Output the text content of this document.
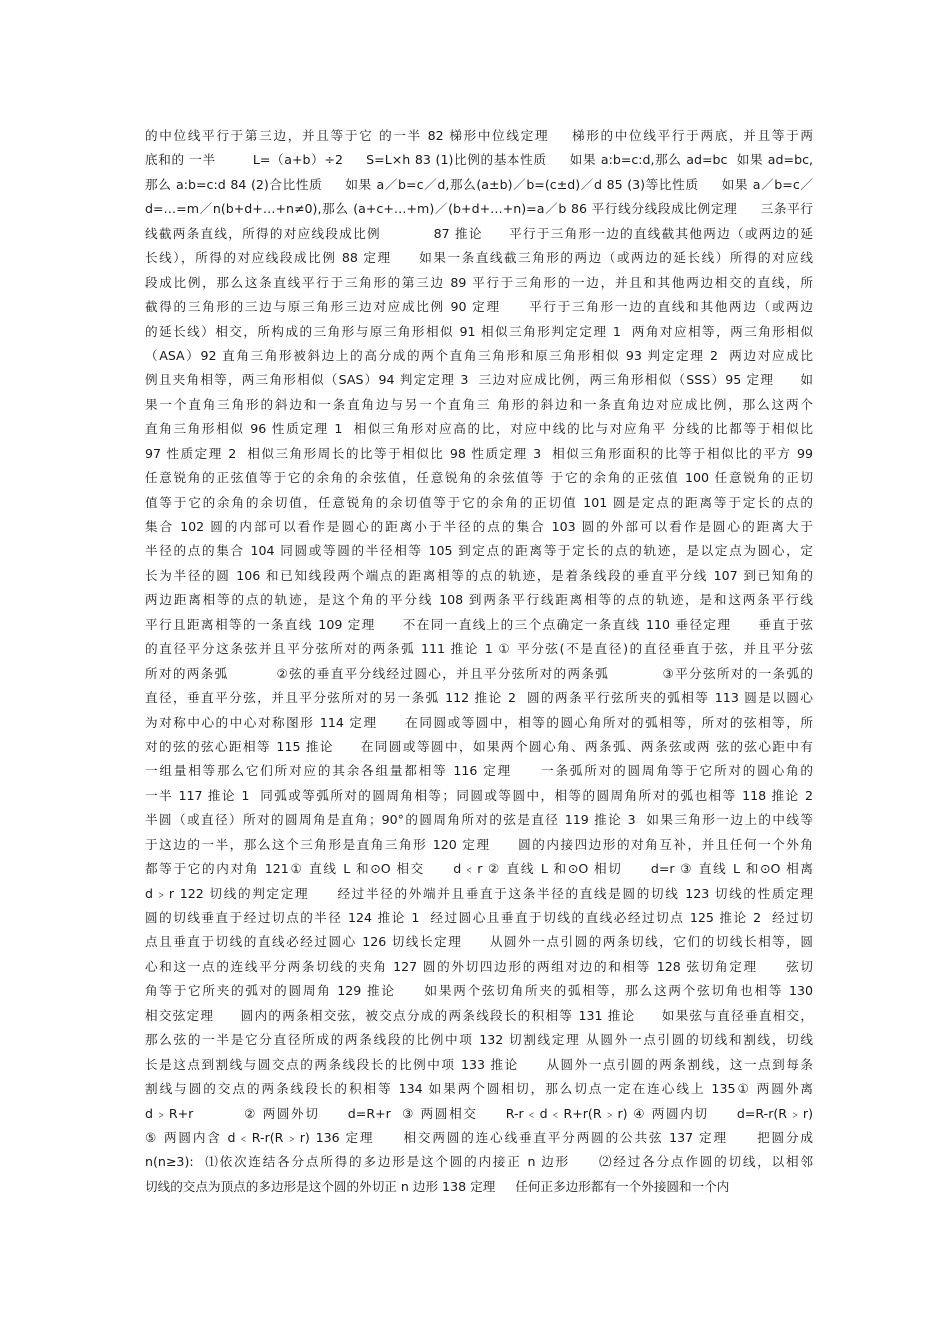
的中位线平行于第三边，并且等于它 的一半 82 梯形中位线定理    梯形的中位线平行于两底，并且等于两
底和的 一半        L=（a+b）÷2     S=L×h 83 (1)比例的基本性质     如果 a:b=c:d,那么 ad=bc  如果 ad=bc,
那么 a:b=c:d 84 (2)合比性质     如果 a／b=c／d,那么(a±b)／b=(c±d)／d 85 (3)等比性质     如果 a／b=c／
d=…=m／n(b+d+…+n≠0),那么 (a+c+…+m)／(b+d+…+n)=a／b 86 平行线分线段成比例定理     三条平行
线截两条直线，所得的对应线段成比例          87 推论     平行于三角形一边的直线截其他两边（或两边的延
长线），所得的对应线段成比例 88 定理     如果一条直线截三角形的两边（或两边的延长线）所得的对应线
段成比例，那么这条直线平行于三角形的第三边 89 平行于三角形的一边，并且和其他两边相交的直线，所
截得的三角形的三边与原三角形三边对应成比例 90 定理     平行于三角形一边的直线和其他两边（或两边
的延长线）相交，所构成的三角形与原三角形相似 91 相似三角形判定定理 1  两角对应相等，两三角形相似
（ASA）92 直角三角形被斜边上的高分成的两个直角三角形和原三角形相似 93 判定定理 2  两边对应成比
例且夹角相等，两三角形相似（SAS）94 判定定理 3  三边对应成比例，两三角形相似（SSS）95 定理     如
果一个直角三角形的斜边和一条直角边与另一个直角三 角形的斜边和一条直角边对应成比例，那么这两个
直角三角形相似 96 性质定理 1  相似三角形对应高的比，对应中线的比与对应角平 分线的比都等于相似比
97 性质定理 2  相似三角形周长的比等于相似比 98 性质定理 3  相似三角形面积的比等于相似比的平方 99
任意锐角的正弦值等于它的余角的余弦值，任意锐角的余弦值等 于它的余角的正弦值 100 任意锐角的正切
值等于它的余角的余切值，任意锐角的余切值等于它的余角的正切值 101 圆是定点的距离等于定长的点的
集合 102 圆的内部可以看作是圆心的距离小于半径的点的集合 103 圆的外部可以看作是圆心的距离大于
半径的点的集合 104 同圆或等圆的半径相等 105 到定点的距离等于定长的点的轨迹，是以定点为圆心，定
长为半径的圆 106 和已知线段两个端点的距离相等的点的轨迹，是着条线段的垂直平分线 107 到已知角的
两边距离相等的点的轨迹，是这个角的平分线 108 到两条平行线距离相等的点的轨迹，是和这两条平行线
平行且距离相等的一条直线 109 定理     不在同一直线上的三个点确定一条直线 110 垂径定理     垂直于弦
的直径平分这条弦并且平分弦所对的两条弧 111 推论 1 ① 平分弦(不是直径)的直径垂直于弦，并且平分弦
所对的两条弧         ②弦的垂直平分线经过圆心，并且平分弦所对的两条弧          ③平分弦所对的一条弧的
直径，垂直平分弦，并且平分弦所对的另一条弧 112 推论 2  圆的两条平行弦所夹的弧相等 113 圆是以圆心
为对称中心的中心对称图形 114 定理     在同圆或等圆中，相等的圆心角所对的弧相等，所对的弦相等，所
对的弦的弦心距相等 115 推论     在同圆或等圆中，如果两个圆心角、两条弧、两条弦或两 弦的弦心距中有
一组量相等那么它们所对应的其余各组量都相等 116 定理     一条弧所对的圆周角等于它所对的圆心角的
一半 117 推论 1  同弧或等弧所对的圆周角相等；同圆或等圆中，相等的圆周角所对的弧也相等 118 推论 2
半圆（或直径）所对的圆周角是直角；90°的圆周角所对的弦是直径 119 推论 3  如果三角形一边上的中线等
于这边的一半，那么这个三角形是直角三角形 120 定理     圆的内接四边形的对角互补，并且任何一个外角
都等于它的内对角 121① 直线 L 和⊙O 相交     d﹤r ② 直线 L 和⊙O 相切     d=r ③ 直线 L 和⊙O 相离
d﹥r 122 切线的判定定理     经过半径的外端并且垂直于这条半径的直线是圆的切线 123 切线的性质定理
圆的切线垂直于经过切点的半径 124 推论 1  经过圆心且垂直于切线的直线必经过切点 125 推论 2  经过切
点且垂直于切线的直线必经过圆心 126 切线长定理     从圆外一点引圆的两条切线，它们的切线长相等，圆
心和这一点的连线平分两条切线的夹角 127 圆的外切四边形的两组对边的和相等 128 弦切角定理     弦切
角等于它所夹的弧对的圆周角 129 推论     如果两个弦切角所夹的弧相等，那么这两个弦切角也相等 130
相交弦定理     圆内的两条相交弦，被交点分成的两条线段长的积相等 131 推论     如果弦与直径垂直相交，
那么弦的一半是它分直径所成的两条线段的比例中项 132 切割线定理 从圆外一点引圆的切线和割线，切线
长是这点到割线与圆交点的两条线段长的比例中项 133 推论     从圆外一点引圆的两条割线，这一点到每条
割线与圆的交点的两条线段长的积相等 134 如果两个圆相切，那么切点一定在连心线上 135① 两圆外离
d﹥R+r         ② 两圆外切     d=R+r  ③ 两圆相交     R-r﹤d﹤R+r(R﹥r) ④ 两圆内切     d=R-r(R﹥r)
⑤ 两圆内含 d﹤R-r(R﹥r) 136 定理     相交两圆的连心线垂直平分两圆的公共弦 137 定理     把圆分成
n(n≥3):  ⑴依次连结各分点所得的多边形是这个圆的内接正 n 边形     ⑵经过各分点作圆的切线，以相邻
切线的交点为顶点的多边形是这个圆的外切正 n 边形 138 定理     任何正多边形都有一个外接圆和一个内
